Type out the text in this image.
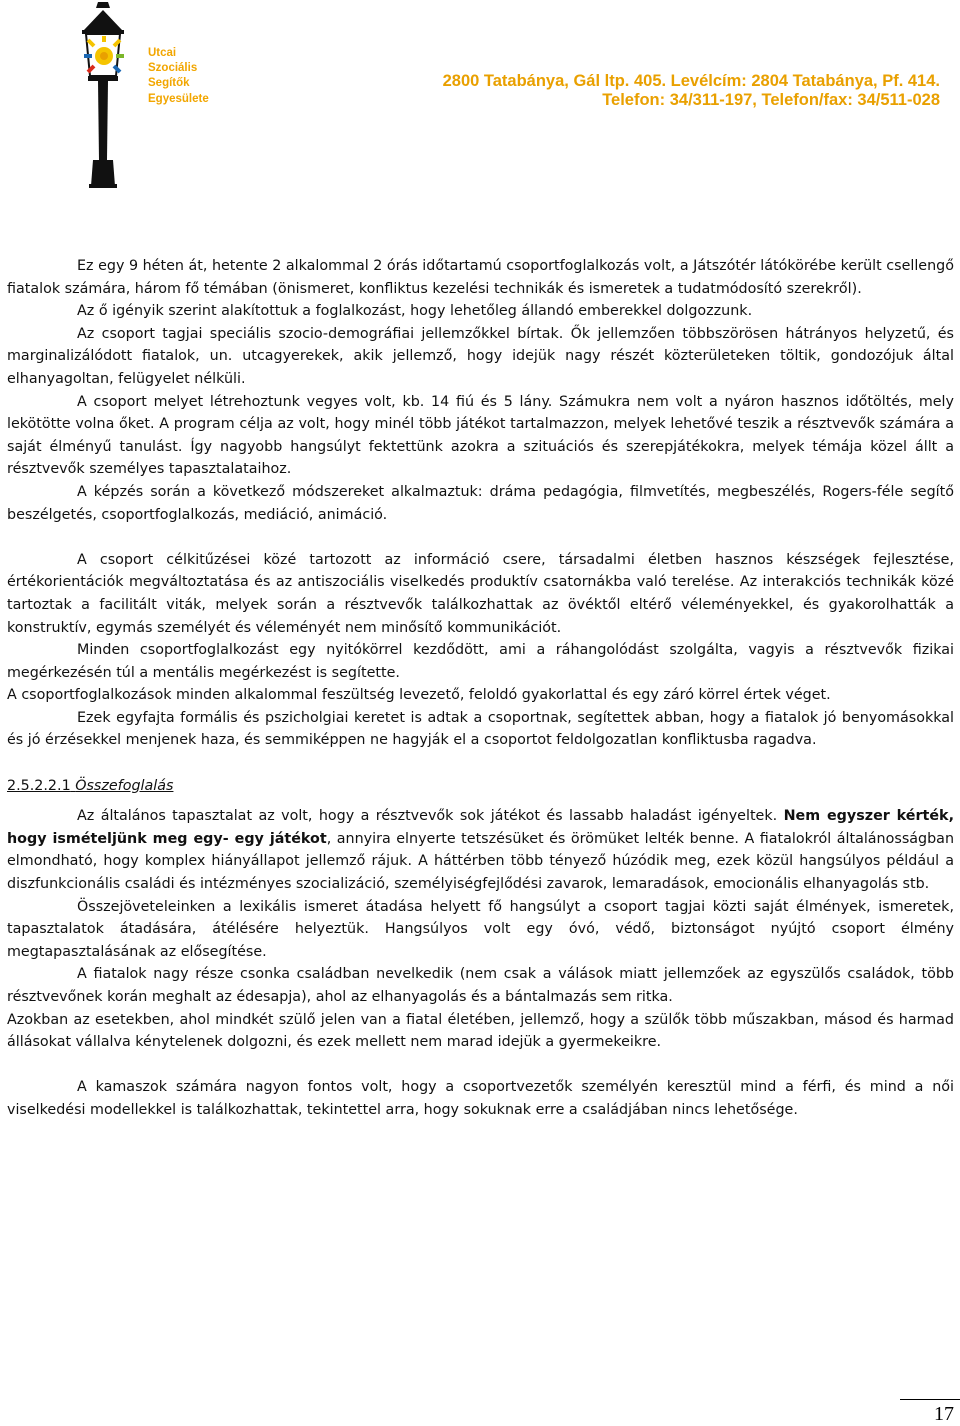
Utcai
Szociális
Segítők
Egyesülete
2800 Tatabánya, Gál ltp. 405. Levélcím: 2804 Tatabánya, Pf. 414.
Telefon: 34/311-197, Telefon/fax: 34/511-028

Ez egy 9 héten át, hetente 2 alkalommal 2 órás időtartamú csoportfoglalkozás volt, a Játszótér látókörébe került csellengő fiatalok számára, három fő témában (önismeret, konfliktus kezelési technikák és ismeretek a tudatmódosító szerekről).

Az ő igényik szerint alakítottuk a foglalkozást, hogy lehetőleg állandó emberekkel dolgozzunk.

Az csoport tagjai speciális szocio-demográfiai jellemzőkkel bírtak. Ők jellemzően többszörösen hátrányos helyzetű, és marginalizálódott fiatalok, un. utcagyerekek, akik jellemző, hogy idejük nagy részét közterületeken töltik, gondozójuk által elhanyagoltan, felügyelet nélküli.

A csoport melyet létrehoztunk vegyes volt, kb. 14 fiú és 5 lány. Számukra nem volt a nyáron hasznos időtöltés, mely lekötötte volna őket. A program célja az volt, hogy minél több játékot tartalmazzon, melyek lehetővé teszik a résztvevők számára a saját élményű tanulást. Így nagyobb hangsúlyt fektettünk azokra a szituációs és szerepjátékokra, melyek témája közel állt a résztvevők személyes tapasztalataihoz.

A képzés során a következő módszereket alkalmaztuk: dráma pedagógia, filmvetítés, megbeszélés, Rogers-féle segítő beszélgetés, csoportfoglalkozás, mediáció, animáció.

A csoport célkitűzései közé tartozott az információ csere, társadalmi életben hasznos készségek fejlesztése, értékorientációk megváltoztatása és az antiszociális viselkedés produktív csatornákba való terelése. Az interakciós technikák közé tartoztak a facilitált viták, melyek során a résztvevők találkozhattak az övéktől eltérő véleményekkel, és gyakorolhatták a konstruktív, egymás személyét és véleményét nem minősítő kommunikációt.

Minden csoportfoglalkozást egy nyitókörrel kezdődött, ami a ráhangolódást szolgálta, vagyis a résztvevők fizikai megérkezésén túl a mentális megérkezést is segítette.

A csoportfoglalkozások minden alkalommal feszültség levezető, feloldó gyakorlattal és egy záró körrel értek véget.

Ezek egyfajta formális és pszicholgiai keretet is adtak a csoportnak, segítettek abban, hogy a fiatalok jó benyomásokkal és jó érzésekkel menjenek haza, és semmiképpen ne hagyják el a csoportot feldolgozatlan konfliktusba ragadva.

2.5.2.2.1 Összefoglalás

Az általános tapasztalat az volt, hogy a résztvevők sok játékot és lassabb haladást igényeltek. Nem egyszer kérték, hogy ismételjünk meg egy- egy játékot, annyira elnyerte tetszésüket és örömüket lelték benne. A fiatalokról általánosságban elmondható, hogy komplex hiányállapot jellemző rájuk. A háttérben több tényező húzódik meg, ezek közül hangsúlyos például a diszfunkcionális családi és intézményes szocializáció, személyiségfejlődési zavarok, lemaradások, emocionális elhanyagolás stb.

Összejöveteleinken a lexikális ismeret átadása helyett fő hangsúlyt a csoport tagjai közti saját élmények, ismeretek, tapasztalatok átadására, átélésére helyeztük. Hangsúlyos volt egy óvó, védő, biztonságot nyújtó csoport élmény megtapasztalásának az elősegítése.

A fiatalok nagy része csonka családban nevelkedik (nem csak a válások miatt jellemzőek az egyszülős családok, több résztvevőnek korán meghalt az édesapja), ahol az elhanyagolás és a bántalmazás sem ritka.

Azokban az esetekben, ahol mindkét szülő jelen van a fiatal életében, jellemző, hogy a szülők több műszakban, másod és harmad állásokat vállalva kénytelenek dolgozni, és ezek mellett nem marad idejük a gyermekeikre.

A kamaszok számára nagyon fontos volt, hogy a csoportvezetők személyén keresztül mind a férfi, és mind a női viselkedési modellekkel is találkozhattak, tekintettel arra, hogy sokuknak erre a családjában nincs lehetősége.

17
